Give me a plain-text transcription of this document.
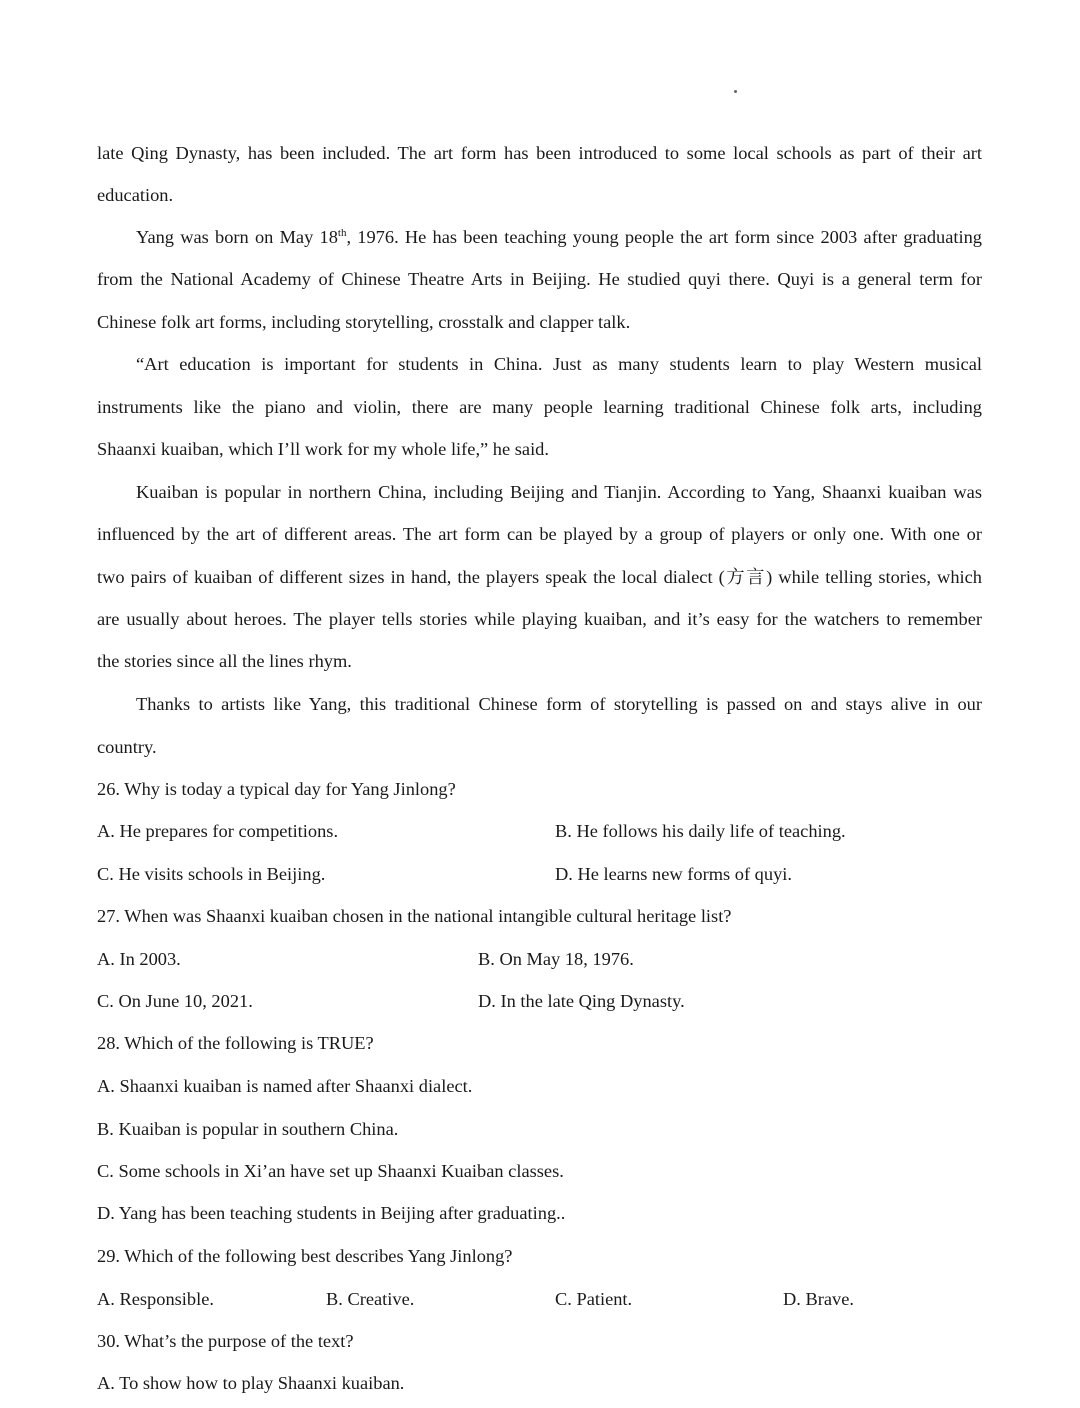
late Qing Dynasty, has been included. The art form has been introduced to some local schools as part of their art
education.
Yang was born on May 18th, 1976. He has been teaching young people the art form since 2003 after graduating
from the National Academy of Chinese Theatre Arts in Beijing. He studied quyi there. Quyi is a general term for
Chinese folk art forms, including storytelling, crosstalk and clapper talk.
“Art education is important for students in China. Just as many students learn to play Western musical
instruments like the piano and violin, there are many people learning traditional Chinese folk arts, including
Shaanxi kuaiban, which I’ll work for my whole life,” he said.
Kuaiban is popular in northern China, including Beijing and Tianjin. According to Yang, Shaanxi kuaiban was
influenced by the art of different areas. The art form can be played by a group of players or only one. With one or
two pairs of kuaiban of different sizes in hand, the players speak the local dialect (方言) while telling stories, which
are usually about heroes. The player tells stories while playing kuaiban, and it’s easy for the watchers to remember
the stories since all the lines rhym.
Thanks to artists like Yang, this traditional Chinese form of storytelling is passed on and stays alive in our
country.
26. Why is today a typical day for Yang Jinlong?
A. He prepares for competitions.	B. He follows his daily life of teaching.
C. He visits schools in Beijing.	D. He learns new forms of quyi.
27. When was Shaanxi kuaiban chosen in the national intangible cultural heritage list?
A. In 2003.	B. On May 18, 1976.
C. On June 10, 2021.	D. In the late Qing Dynasty.
28. Which of the following is TRUE?
A. Shaanxi kuaiban is named after Shaanxi dialect.
B. Kuaiban is popular in southern China.
C. Some schools in Xi’an have set up Shaanxi Kuaiban classes.
D. Yang has been teaching students in Beijing after graduating..
29. Which of the following best describes Yang Jinlong?
A. Responsible.	B. Creative.	C. Patient.	D. Brave.
30. What’s the purpose of the text?
A. To show how to play Shaanxi kuaiban.
